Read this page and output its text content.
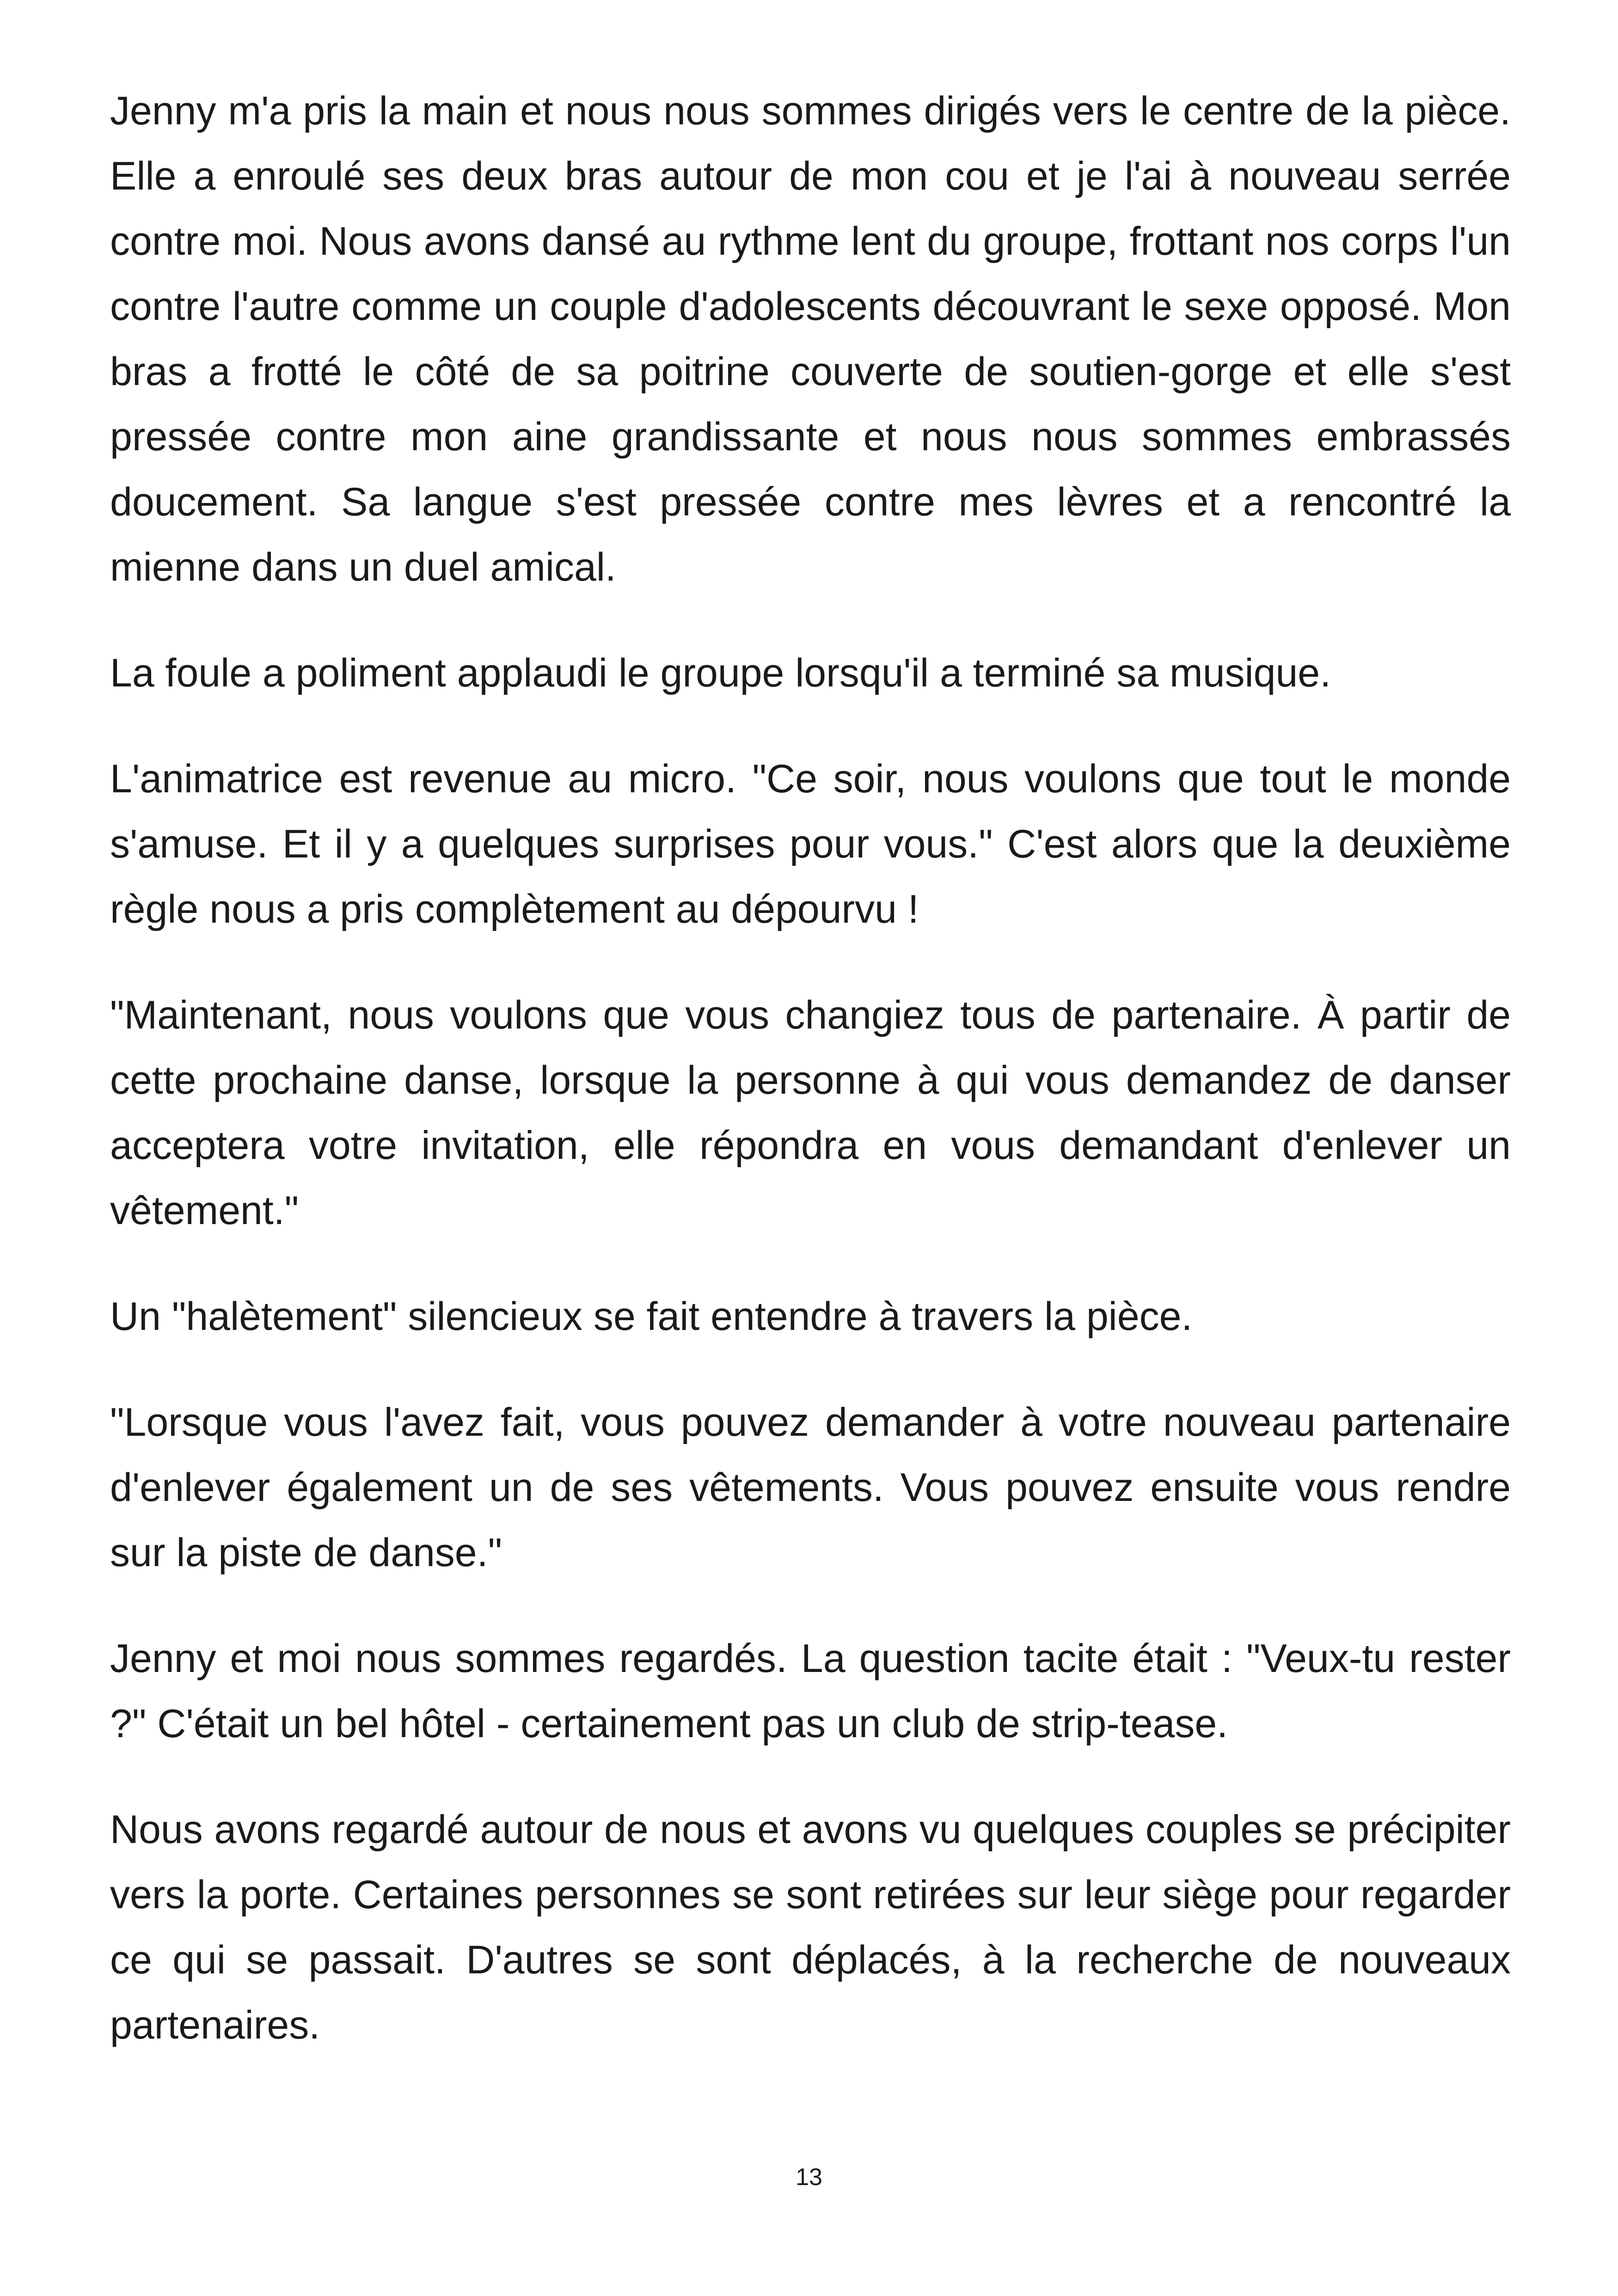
Jenny m'a pris la main et nous nous sommes dirigés vers le centre de la pièce. Elle a enroulé ses deux bras autour de mon cou et je l'ai à nouveau serrée contre moi. Nous avons dansé au rythme lent du groupe, frottant nos corps l'un contre l'autre comme un couple d'adolescents découvrant le sexe opposé. Mon bras a frotté le côté de sa poitrine couverte de soutien-gorge et elle s'est pressée contre mon aine grandissante et nous nous sommes embrassés doucement. Sa langue s'est pressée contre mes lèvres et a rencontré la mienne dans un duel amical.

La foule a poliment applaudi le groupe lorsqu'il a terminé sa musique.

L'animatrice est revenue au micro. "Ce soir, nous voulons que tout le monde s'amuse. Et il y a quelques surprises pour vous." C'est alors que la deuxième règle nous a pris complètement au dépourvu !

"Maintenant, nous voulons que vous changiez tous de partenaire. À partir de cette prochaine danse, lorsque la personne à qui vous demandez de danser acceptera votre invitation, elle répondra en vous demandant d'enlever un vêtement."

Un "halètement" silencieux se fait entendre à travers la pièce.

"Lorsque vous l'avez fait, vous pouvez demander à votre nouveau partenaire d'enlever également un de ses vêtements. Vous pouvez ensuite vous rendre sur la piste de danse."

Jenny et moi nous sommes regardés. La question tacite était : "Veux-tu rester ?" C'était un bel hôtel - certainement pas un club de strip-tease.

Nous avons regardé autour de nous et avons vu quelques couples se précipiter vers la porte. Certaines personnes se sont retirées sur leur siège pour regarder ce qui se passait. D'autres se sont déplacés, à la recherche de nouveaux partenaires.

13
